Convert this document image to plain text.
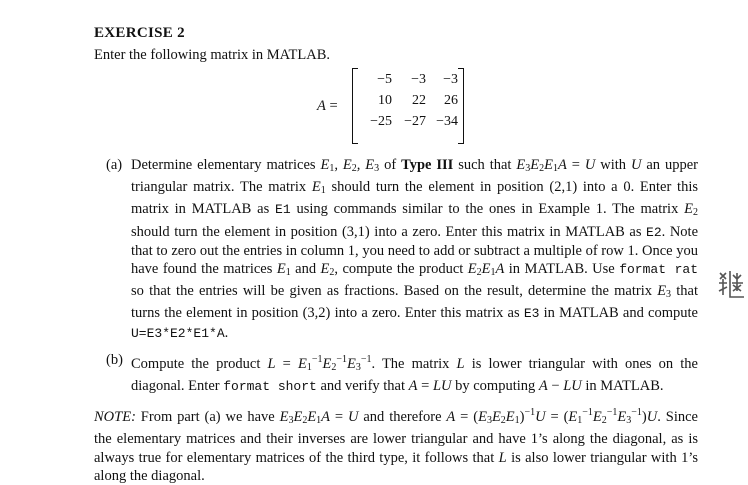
EXERCISE 2

Enter the following matrix in MATLAB.

A =
−5	−3	−3
10	22	26
−25 −27 −34
(a) Determine elementary matrices $E_1$, $E_2$, $E_3$ of Type III such that $E_3E_2E_1A = U$ with U an upper triangular matrix. The matrix $E_1$ should turn the element in position (2,1) into a 0. Enter this matrix in MATLAB as E1 using commands similar to the ones in Example 1. The matrix $E_2$ should turn the element in position (3,1) into a zero. Enter this matrix in MATLAB as E2. Note that to zero out the entries in column 1, you need to add or subtract a multiple of row 1. Once you have found the matrices $E_1$ and $E_2$, compute the product $E_2E_1A$ in MATLAB. Use format rat so that the entries will be given as fractions. Based on the result, determine the matrix $E_3$ that turns the element in position (3,2) into a zero. Enter this matrix as E3 in MATLAB and compute U=E3*E2*E1*A.
(b) Compute the product $L = E_1^{-1}E_2^{-1}E_3^{-1}$. The matrix L is lower triangular with ones on the diagonal. Enter format short and verify that A = LU by computing A − LU in MATLAB.
NOTE: From part (a) we have $E_3E_2E_1A = U$ and therefore $A = (E_3E_2E_1)^{-1}U = (E_1^{-1}E_2^{-1}E_3^{-1})U$. Since the elementary matrices and their inverses are lower triangular and have 1’s along the diagonal, as is always true for elementary matrices of the third type, it follows that L is also lower triangular with 1’s along the diagonal.
